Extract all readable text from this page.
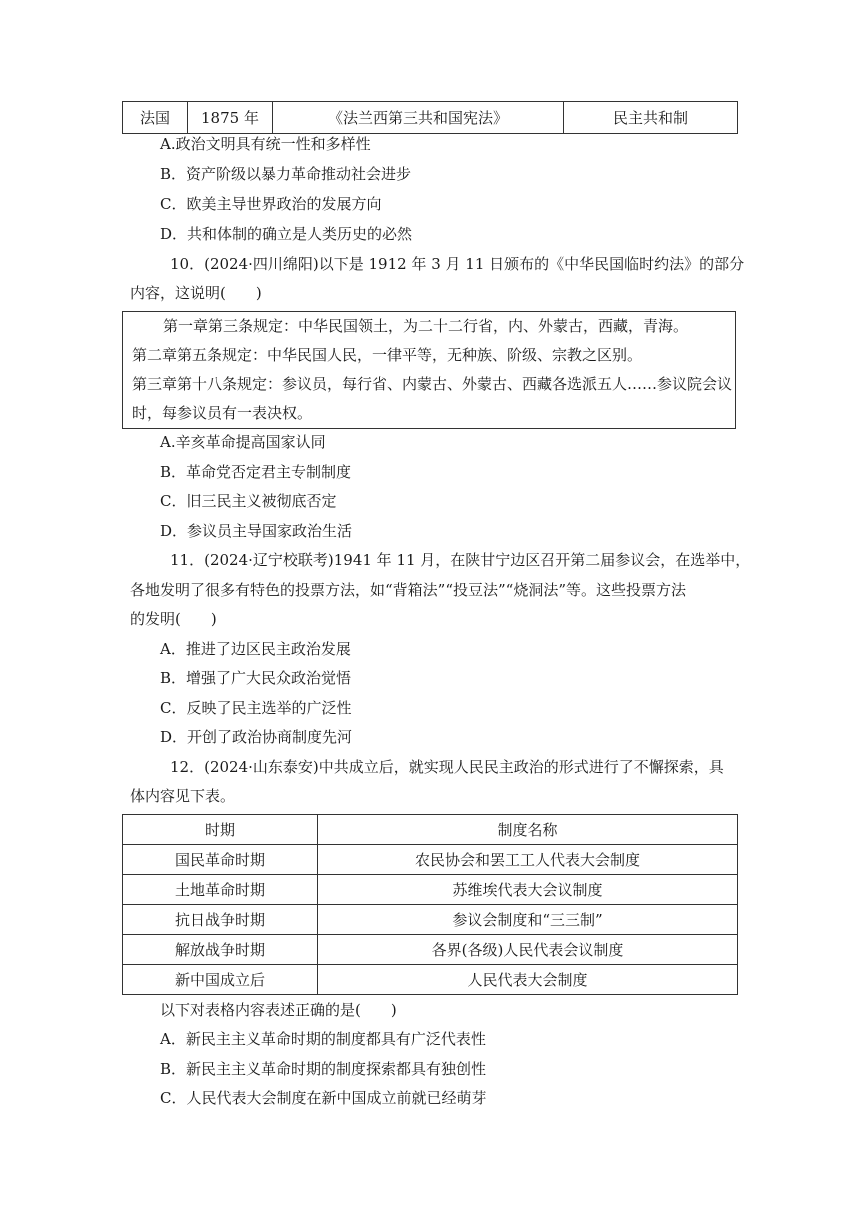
法国	1875 年	《法兰西第三共和国宪法》	民主共和制
A.政治文明具有统一性和多样性
B．资产阶级以暴力革命推动社会进步
C．欧美主导世界政治的发展方向
D．共和体制的确立是人类历史的必然
10．(2024·四川绵阳)以下是 1912 年 3 月 11 日颁布的《中华民国临时约法》的部分
内容，这说明(　　)
第一章第三条规定：中华民国领土，为二十二行省，内、外蒙古，西藏，青海。
第二章第五条规定：中华民国人民，一律平等，无种族、阶级、宗教之区别。
第三章第十八条规定：参议员，每行省、内蒙古、外蒙古、西藏各选派五人……参议院会议
时，每参议员有一表决权。
A.辛亥革命提高国家认同
B．革命党否定君主专制制度
C．旧三民主义被彻底否定
D．参议员主导国家政治生活
11．(2024·辽宁校联考)1941 年 11 月，在陕甘宁边区召开第二届参议会，在选举中，
各地发明了很多有特色的投票方法，如“背箱法”“投豆法”“烧洞法”等。这些投票方法
的发明(　　)
A．推进了边区民主政治发展
B．增强了广大民众政治觉悟
C．反映了民主选举的广泛性
D．开创了政治协商制度先河
12．(2024·山东泰安)中共成立后，就实现人民民主政治的形式进行了不懈探索，具
体内容见下表。
时期	制度名称
国民革命时期	农民协会和罢工工人代表大会制度
土地革命时期	苏维埃代表大会议制度
抗日战争时期	参议会制度和“三三制”
解放战争时期	各界(各级)人民代表会议制度
新中国成立后	人民代表大会制度
以下对表格内容表述正确的是(　　)
A．新民主主义革命时期的制度都具有广泛代表性
B．新民主主义革命时期的制度探索都具有独创性
C．人民代表大会制度在新中国成立前就已经萌芽
